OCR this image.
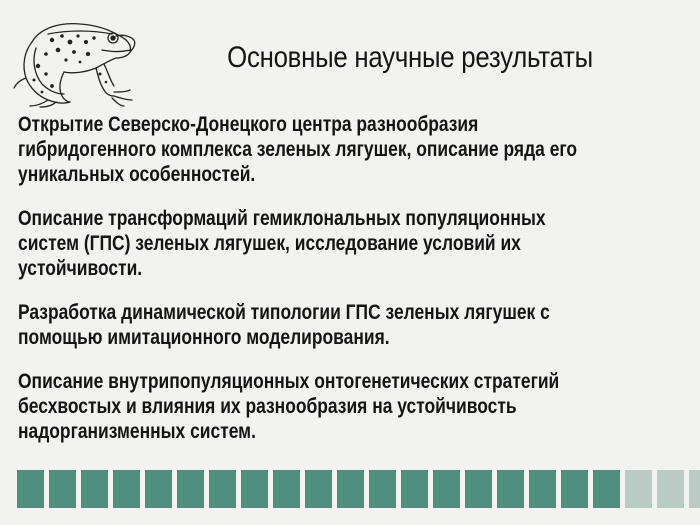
Основные научные результаты

Открытие Северско-Донецкого центра разнообразия
гибридогенного комплекса зеленых лягушек, описание ряда его
уникальных особенностей.

Описание трансформаций гемиклональных популяционных
систем (ГПС) зеленых лягушек, исследование условий их
устойчивости.

Разработка динамической типологии ГПС зеленых лягушек с
помощью имитационного моделирования.

Описание внутрипопуляционных онтогенетических стратегий
бесхвостых и влияния их разнообразия на устойчивость
надорганизменных систем.
